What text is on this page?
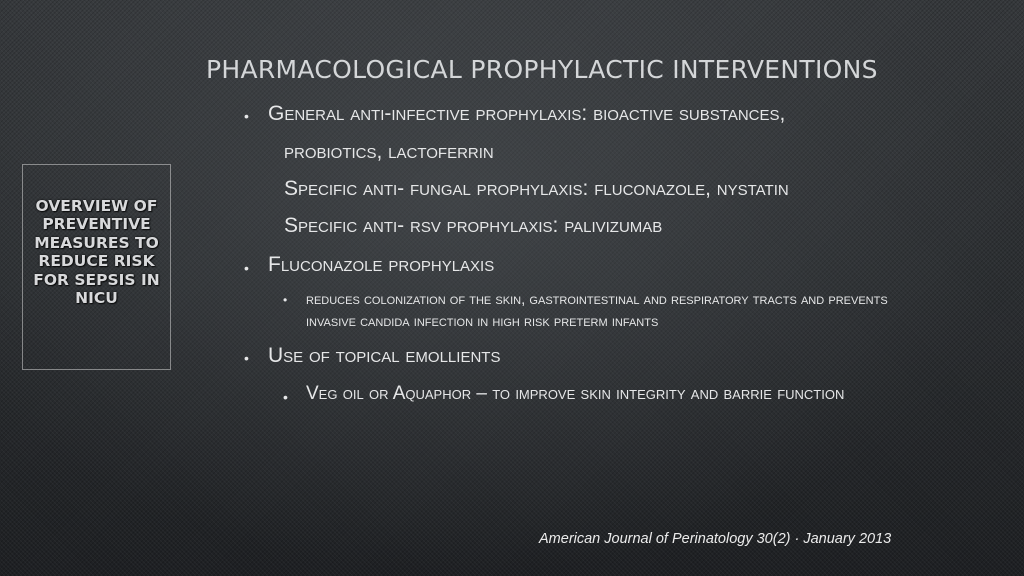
PHARMACOLOGICAL PROPHYLACTIC INTERVENTIONS
OVERVIEW OF
PREVENTIVE
MEASURES TO
REDUCE RISK
FOR SEPSIS IN
NICU
• General anti-infective prophylaxis: bioactive substances,
probiotics, lactoferrin
Specific anti- fungal prophylaxis: fluconazole, nystatin
Specific anti- rsv prophylaxis: palivizumab
• Fluconazole prophylaxis
• reduces colonization of the skin, gastrointestinal and respiratory tracts and prevents
invasive candida infection in high risk preterm infants
• Use of topical emollients
• Veg oil or Aquaphor – to improve skin integrity and barrie function
American Journal of Perinatology 30(2) · January 2013
